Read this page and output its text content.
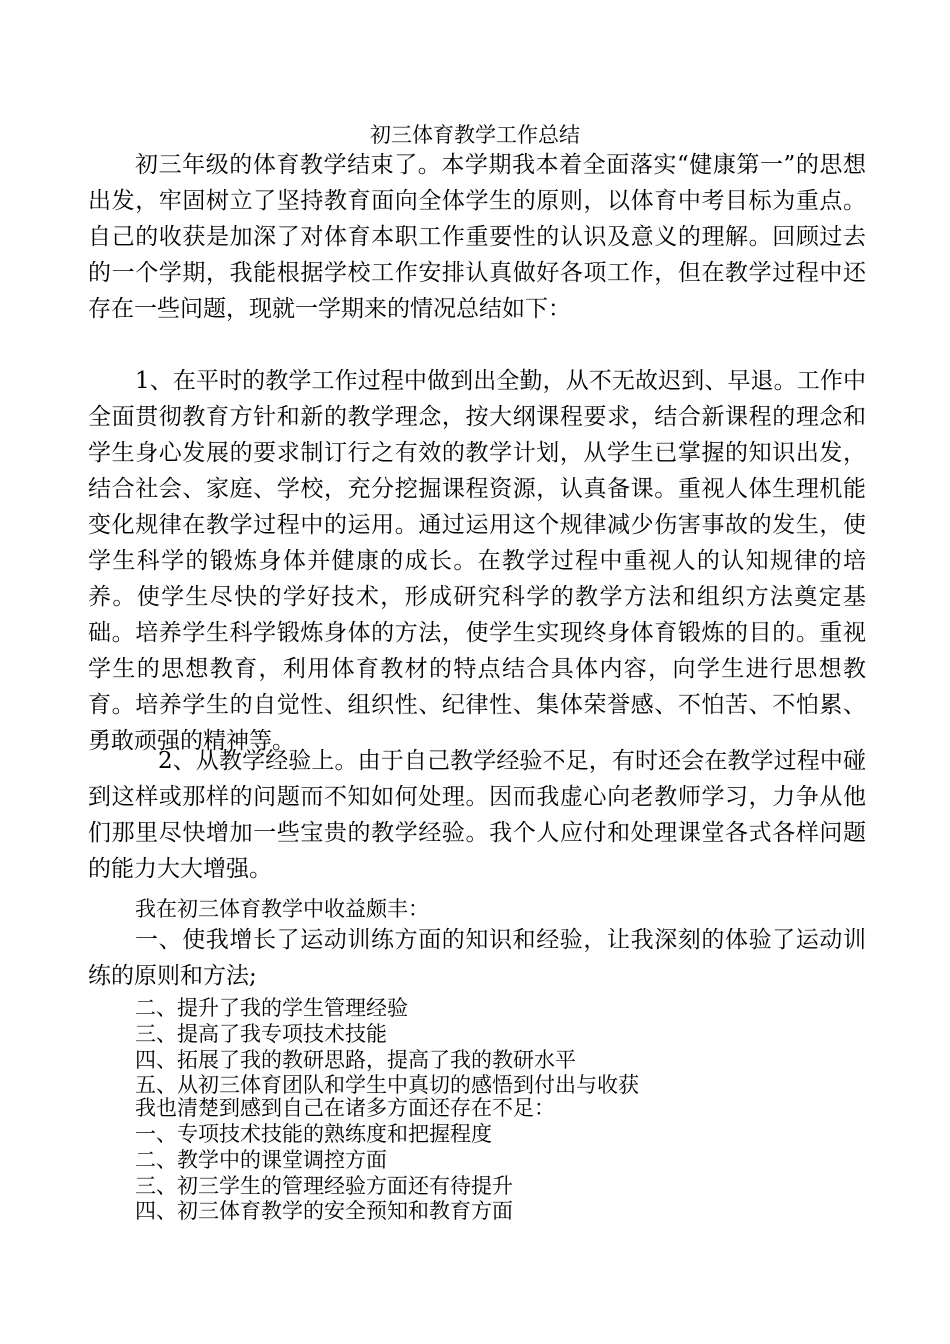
初三体育教学工作总结

初三年级的体育教学结束了。本学期我本着全面落实“健康第一”的思想出发，牢固树立了坚持教育面向全体学生的原则，以体育中考目标为重点。自己的收获是加深了对体育本职工作重要性的认识及意义的理解。回顾过去的一个学期，我能根据学校工作安排认真做好各项工作，但在教学过程中还存在一些问题，现就一学期来的情况总结如下：

1、在平时的教学工作过程中做到出全勤，从不无故迟到、早退。工作中全面贯彻教育方针和新的教学理念，按大纲课程要求，结合新课程的理念和学生身心发展的要求制订行之有效的教学计划，从学生已掌握的知识出发，结合社会、家庭、学校，充分挖掘课程资源，认真备课。重视人体生理机能变化规律在教学过程中的运用。通过运用这个规律减少伤害事故的发生，使学生科学的锻炼身体并健康的成长。在教学过程中重视人的认知规律的培养。使学生尽快的学好技术，形成研究科学的教学方法和组织方法奠定基础。培养学生科学锻炼身体的方法，使学生实现终身体育锻炼的目的。重视学生的思想教育，利用体育教材的特点结合具体内容，向学生进行思想教育。培养学生的自觉性、组织性、纪律性、集体荣誉感、不怕苦、不怕累、勇敢顽强的精神等。

2、从教学经验上。由于自己教学经验不足，有时还会在教学过程中碰到这样或那样的问题而不知如何处理。因而我虚心向老教师学习，力争从他们那里尽快增加一些宝贵的教学经验。我个人应付和处理课堂各式各样问题的能力大大增强。

我在初三体育教学中收益颇丰：

一、使我增长了运动训练方面的知识和经验，让我深刻的体验了运动训练的原则和方法;

二、提升了我的学生管理经验
三、提高了我专项技术技能
四、拓展了我的教研思路，提高了我的教研水平
五、从初三体育团队和学生中真切的感悟到付出与收获

我也清楚到感到自己在诸多方面还存在不足：

一、专项技术技能的熟练度和把握程度
二、教学中的课堂调控方面
三、初三学生的管理经验方面还有待提升
四、初三体育教学的安全预知和教育方面
